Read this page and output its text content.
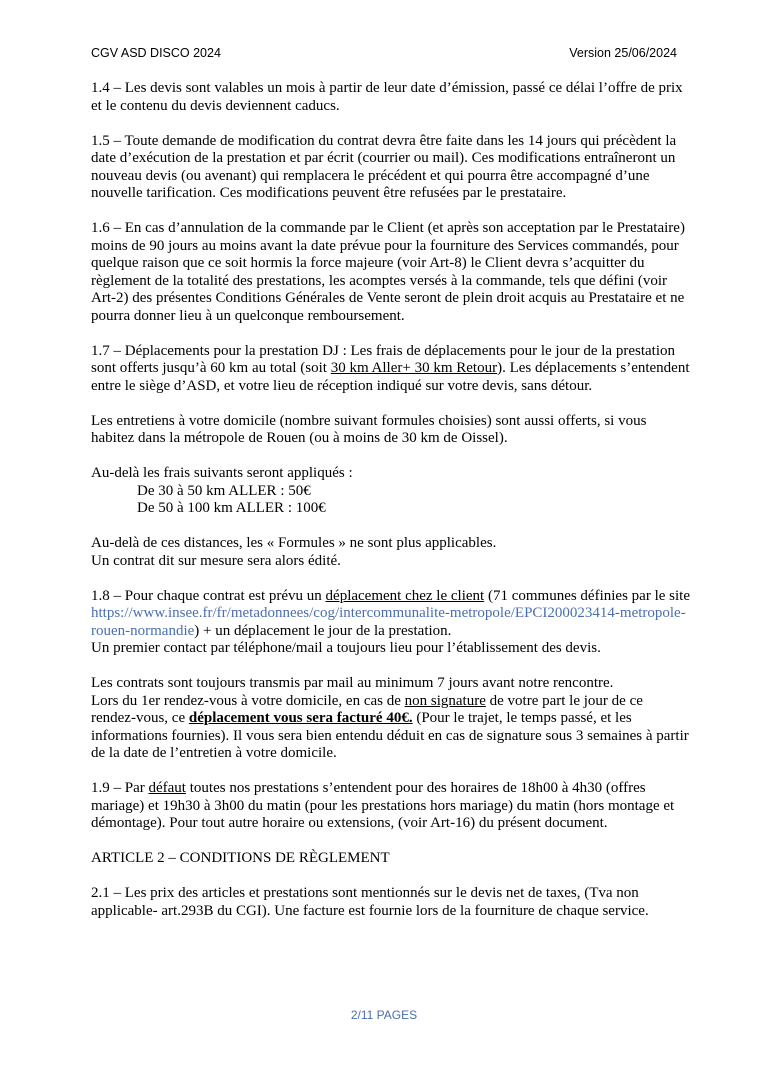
CGV ASD DISCO 2024	Version 25/06/2024

1.4 – Les devis sont valables un mois à partir de leur date d’émission, passé ce délai l’offre de prix et le contenu du devis deviennent caducs.

1.5 – Toute demande de modification du contrat devra être faite dans les 14 jours qui précèdent la date d’exécution de la prestation et par écrit (courrier ou mail). Ces modifications entraîneront un nouveau devis (ou avenant) qui remplacera le précédent et qui pourra être accompagné d’une nouvelle tarification. Ces modifications peuvent être refusées par le prestataire.

1.6 – En cas d’annulation de la commande par le Client (et après son acceptation par le Prestataire) moins de 90 jours au moins avant la date prévue pour la fourniture des Services commandés, pour quelque raison que ce soit hormis la force majeure (voir Art-8) le Client devra s’acquitter du règlement de la totalité des prestations, les acomptes versés à la commande, tels que défini (voir Art-2) des présentes Conditions Générales de Vente seront de plein droit acquis au Prestataire et ne pourra donner lieu à un quelconque remboursement.

1.7 – Déplacements pour la prestation DJ : Les frais de déplacements pour le jour de la prestation sont offerts jusqu’à 60 km au total (soit 30 km Aller+ 30 km Retour). Les déplacements s’entendent entre le siège d’ASD, et votre lieu de réception indiqué sur votre devis, sans détour.

Les entretiens à votre domicile (nombre suivant formules choisies) sont aussi offerts, si vous habitez dans la métropole de Rouen (ou à moins de 30 km de Oissel).

Au-delà les frais suivants seront appliqués :

De 30 à 50 km ALLER : 50€

De 50 à 100 km ALLER : 100€

Au-delà de ces distances, les « Formules » ne sont plus applicables.

Un contrat dit sur mesure sera alors édité.

1.8 – Pour chaque contrat est prévu un déplacement chez le client (71 communes définies par le site https://www.insee.fr/fr/metadonnees/cog/intercommunalite-metropole/EPCI200023414-metropole-rouen-normandie) + un déplacement le jour de la prestation.

Un premier contact par téléphone/mail a toujours lieu pour l’établissement des devis.

Les contrats sont toujours transmis par mail au minimum 7 jours avant notre rencontre.

Lors du 1er rendez-vous à votre domicile, en cas de non signature de votre part le jour de ce rendez-vous, ce déplacement vous sera facturé 40€. (Pour le trajet, le temps passé, et les informations fournies). Il vous sera bien entendu déduit en cas de signature sous 3 semaines à partir de la date de l’entretien à votre domicile.

1.9 – Par défaut toutes nos prestations s’entendent pour des horaires de 18h00 à 4h30 (offres mariage) et 19h30 à 3h00 du matin (pour les prestations hors mariage) du matin (hors montage et démontage). Pour tout autre horaire ou extensions, (voir Art-16) du présent document.

ARTICLE 2 – CONDITIONS DE RÈGLEMENT

2.1 – Les prix des articles et prestations sont mentionnés sur le devis net de taxes, (Tva non applicable- art.293B du CGI). Une facture est fournie lors de la fourniture de chaque service.

2/11 PAGES
